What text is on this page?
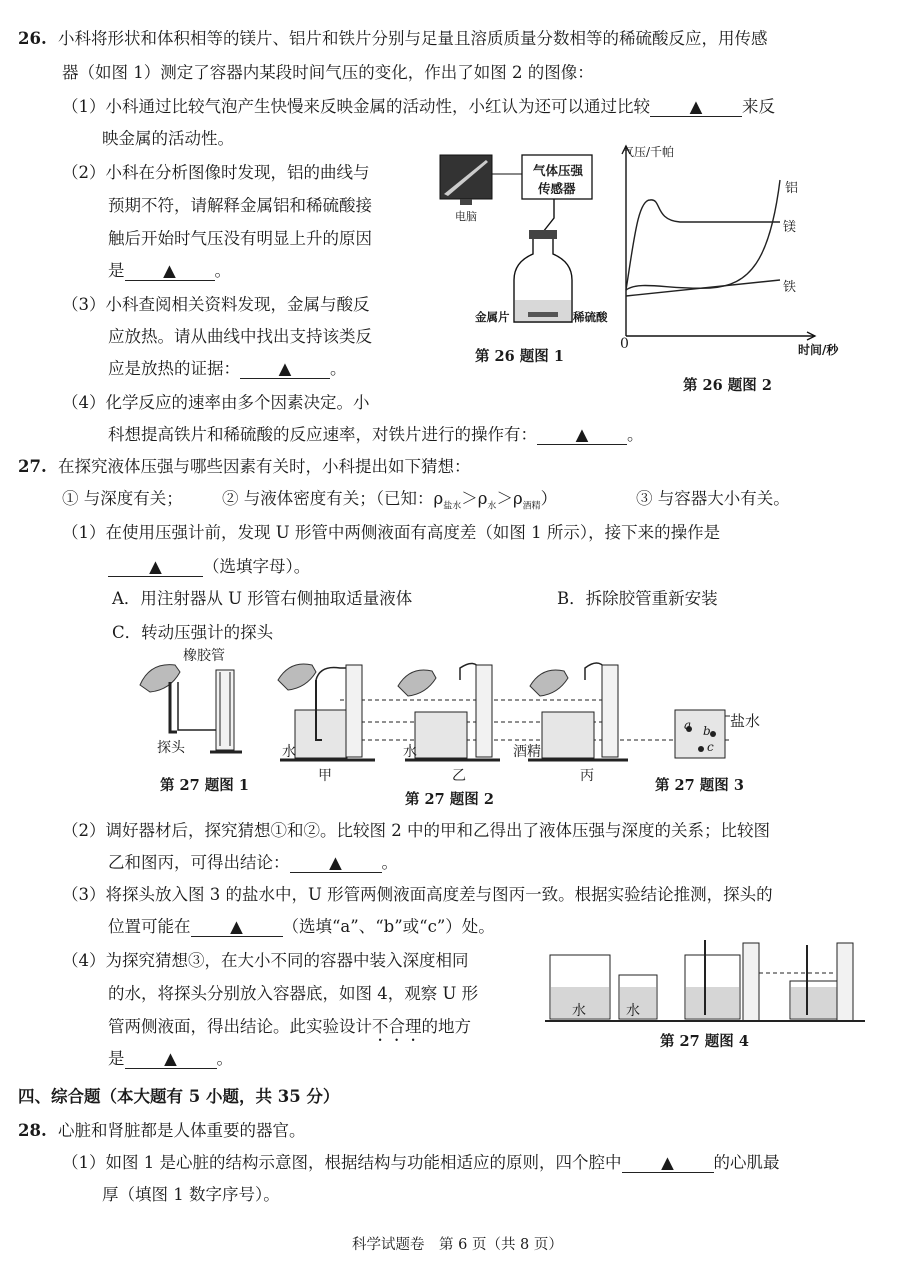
26. 小科将形状和体积相等的镁片、铝片和铁片分别与足量且溶质质量分数相等的稀硫酸反应，用传感
器（如图 1）测定了容器内某段时间气压的变化，作出了如图 2 的图像：
（1）小科通过比较气泡产生快慢来反映金属的活动性，小红认为还可以通过比较 ▲ 来反
映金属的活动性。
（2）小科在分析图像时发现，铝的曲线与
预期不符，请解释金属铝和稀硫酸接
触后开始时气压没有明显上升的原因
是 ▲ 。
（3）小科查阅相关资料发现，金属与酸反
应放热。请从曲线中找出支持该类反
应是放热的证据： ▲ 。
（4）化学反应的速率由多个因素决定。小
科想提高铁片和稀硫酸的反应速率，对铁片进行的操作有： ▲ 。
电脑
气体压强
传感器
金属片	稀硫酸
第 26 题图 1
气压/千帕
时间/秒
0
铝
镁
铁
第 26 题图 2
27. 在探究液体压强与哪些因素有关时，小科提出如下猜想：
① 与深度有关； ② 与液体密度有关；（已知：$\rho_{盐水}>\rho_水>\rho_{酒精}$）	③ 与容器大小有关。
（1）在使用压强计前，发现 U 形管中两侧液面有高度差（如图 1 所示），接下来的操作是
▲ （选填字母）。
A．用注射器从 U 形管右侧抽取适量液体	B．拆除胶管重新安装
C．转动压强计的探头
橡胶管
探头	水	水	酒精
甲	乙	丙
盐水
a b
c
第 27 题图 1
第 27 题图 2
第 27 题图 3
（2）调好器材后，探究猜想①和②。比较图 2 中的甲和乙得出了液体压强与深度的关系；比较图
乙和图丙，可得出结论： ▲ 。
（3）将探头放入图 3 的盐水中，U 形管两侧液面高度差与图丙一致。根据实验结论推测，探头的
位置可能在 ▲ （选填“a”、“b”或“c”）处。
（4）为探究猜想③，在大小不同的容器中装入深度相同
的水，将探头分别放入容器底，如图 4，观察 U 形
管两侧液面，得出结论。此实验设计不合理的地方
是 ▲ 。
水	水
第 27 题图 4
四、综合题（本大题有 5 小题，共 35 分）
28. 心脏和肾脏都是人体重要的器官。
（1）如图 1 是心脏的结构示意图，根据结构与功能相适应的原则，四个腔中 ▲ 的心肌最
厚（填图 1 数字序号）。
科学试题卷　第 6 页（共 8 页）
